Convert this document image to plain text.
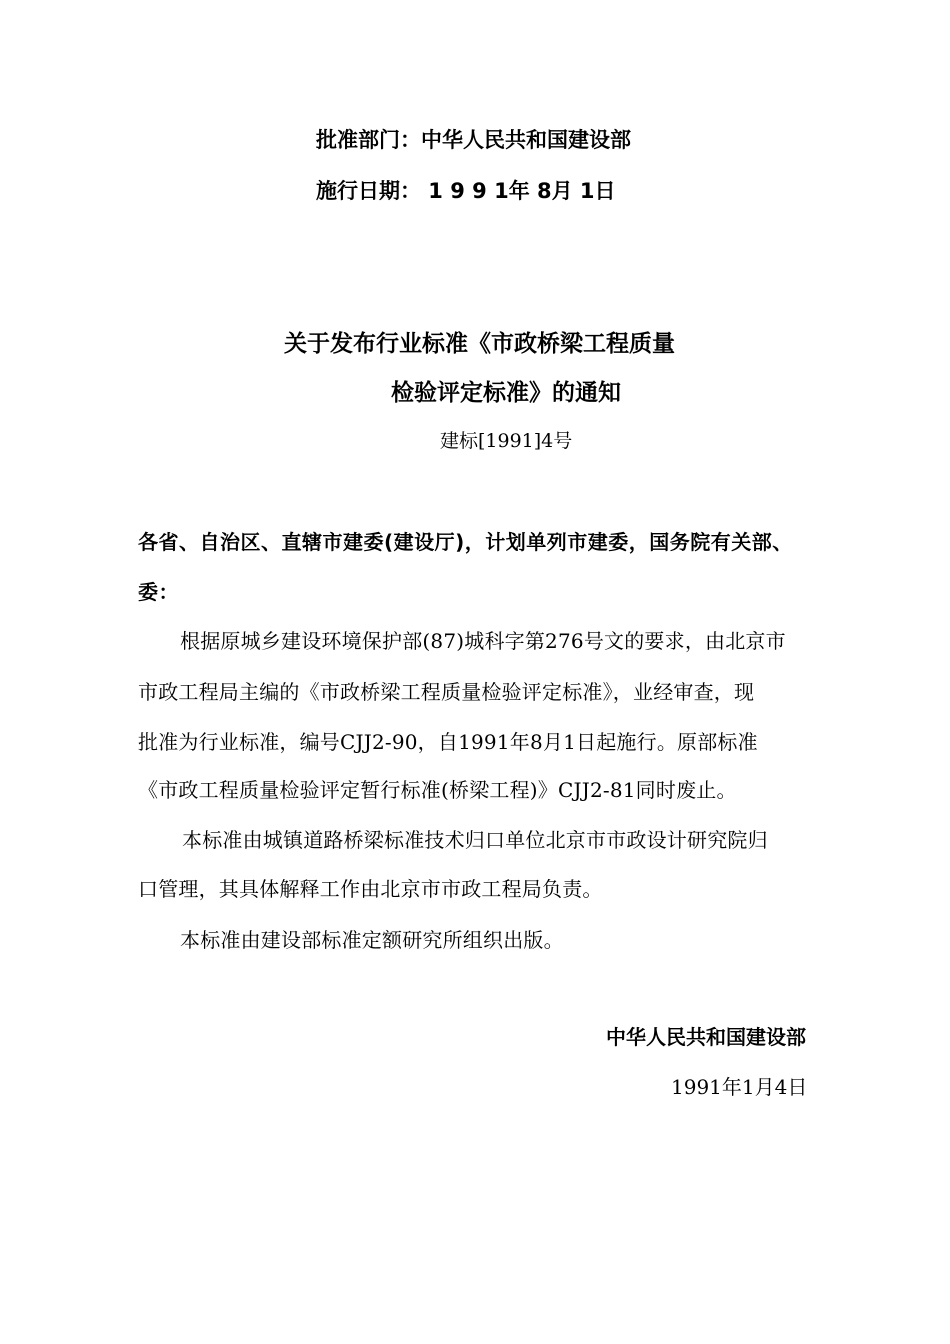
批准部门：中华人民共和国建设部
施行日期： 1 9 9 1年 8月 1日
关于发布行业标准《市政桥梁工程质量
检验评定标准》的通知
建标[1991]4号
各省、自治区、直辖市建委(建设厅)，计划单列市建委，国务院有关部、
委：
根据原城乡建设环境保护部(87)城科字第276号文的要求，由北京市
市政工程局主编的《市政桥梁工程质量检验评定标准》，业经审查，现
批准为行业标准，编号CJJ2-90，自1991年8月1日起施行。原部标准
《市政工程质量检验评定暂行标准(桥梁工程)》CJJ2-81同时废止。
本标准由城镇道路桥梁标准技术归口单位北京市市政设计研究院归
口管理，其具体解释工作由北京市市政工程局负责。
本标准由建设部标准定额研究所组织出版。
中华人民共和国建设部
1991年1月4日
